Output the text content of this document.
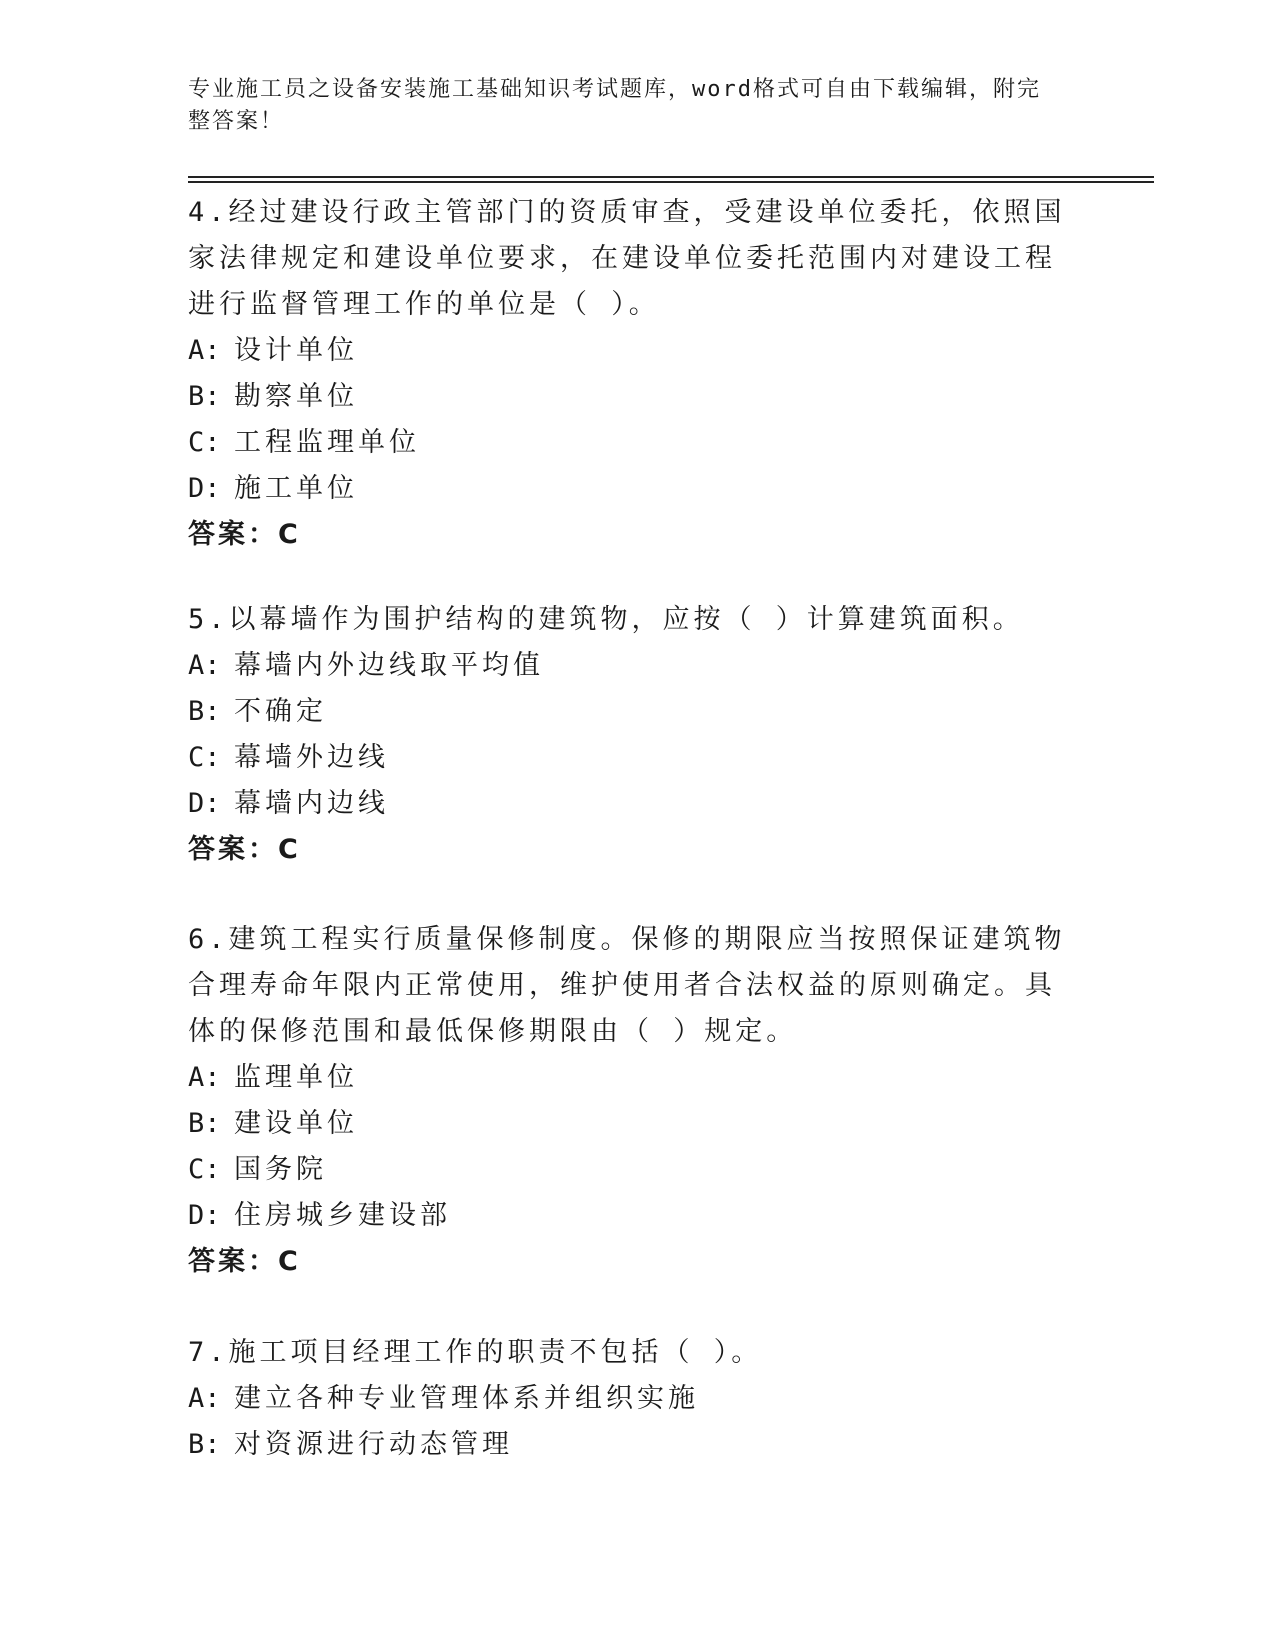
专业施工员之设备安装施工基础知识考试题库，word格式可自由下载编辑，附完
整答案！

4.经过建设行政主管部门的资质审查，受建设单位委托，依照国家法律规定和建设单位要求，在建设单位委托范围内对建设工程进行监督管理工作的单位是（ ）。

A: 设计单位
B: 勘察单位
C: 工程监理单位
D: 施工单位
答案：C

5.以幕墙作为围护结构的建筑物，应按（ ）计算建筑面积。

A: 幕墙内外边线取平均值
B: 不确定
C: 幕墙外边线
D: 幕墙内边线
答案：C

6.建筑工程实行质量保修制度。保修的期限应当按照保证建筑物合理寿命年限内正常使用，维护使用者合法权益的原则确定。具体的保修范围和最低保修期限由（ ）规定。

A: 监理单位
B: 建设单位
C: 国务院
D: 住房城乡建设部
答案：C

7.施工项目经理工作的职责不包括（ ）。

A: 建立各种专业管理体系并组织实施
B: 对资源进行动态管理
